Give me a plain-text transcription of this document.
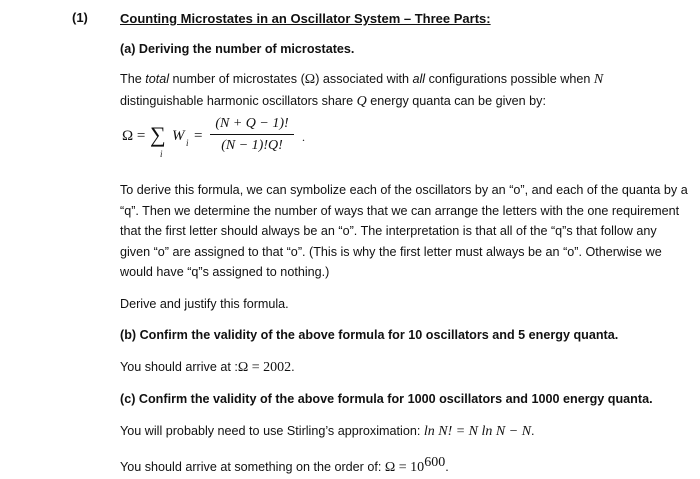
(1) Counting Microstates in an Oscillator System – Three Parts:
(a) Deriving the number of microstates.
The total number of microstates (Ω) associated with all configurations possible when N
distinguishable harmonic oscillators share Q energy quanta can be given by:
Ω = ∑
i
W i =
(N + Q − 1)!
(N − 1)!Q!
.
To derive this formula, we can symbolize each of the oscillators by an “o”, and each of the quanta by a “q”. Then we determine the number of ways that we can arrange the letters with the one requirement that the first letter should always be an “o”. The interpretation is that all of the “q”s that follow any given “o” are assigned to that “o”. (This is why the first letter must always be an “o”. Otherwise we would have “q”s assigned to nothing.)
Derive and justify this formula.
(b) Confirm the validity of the above formula for 10 oscillators and 5 energy quanta.
You should arrive at :Ω = 2002.
(c) Confirm the validity of the above formula for 1000 oscillators and 1000 energy quanta.
You will probably need to use Stirling’s approximation: ln N! = N ln N − N.
You should arrive at something on the order of: $\Omega = 10^{600}$.
